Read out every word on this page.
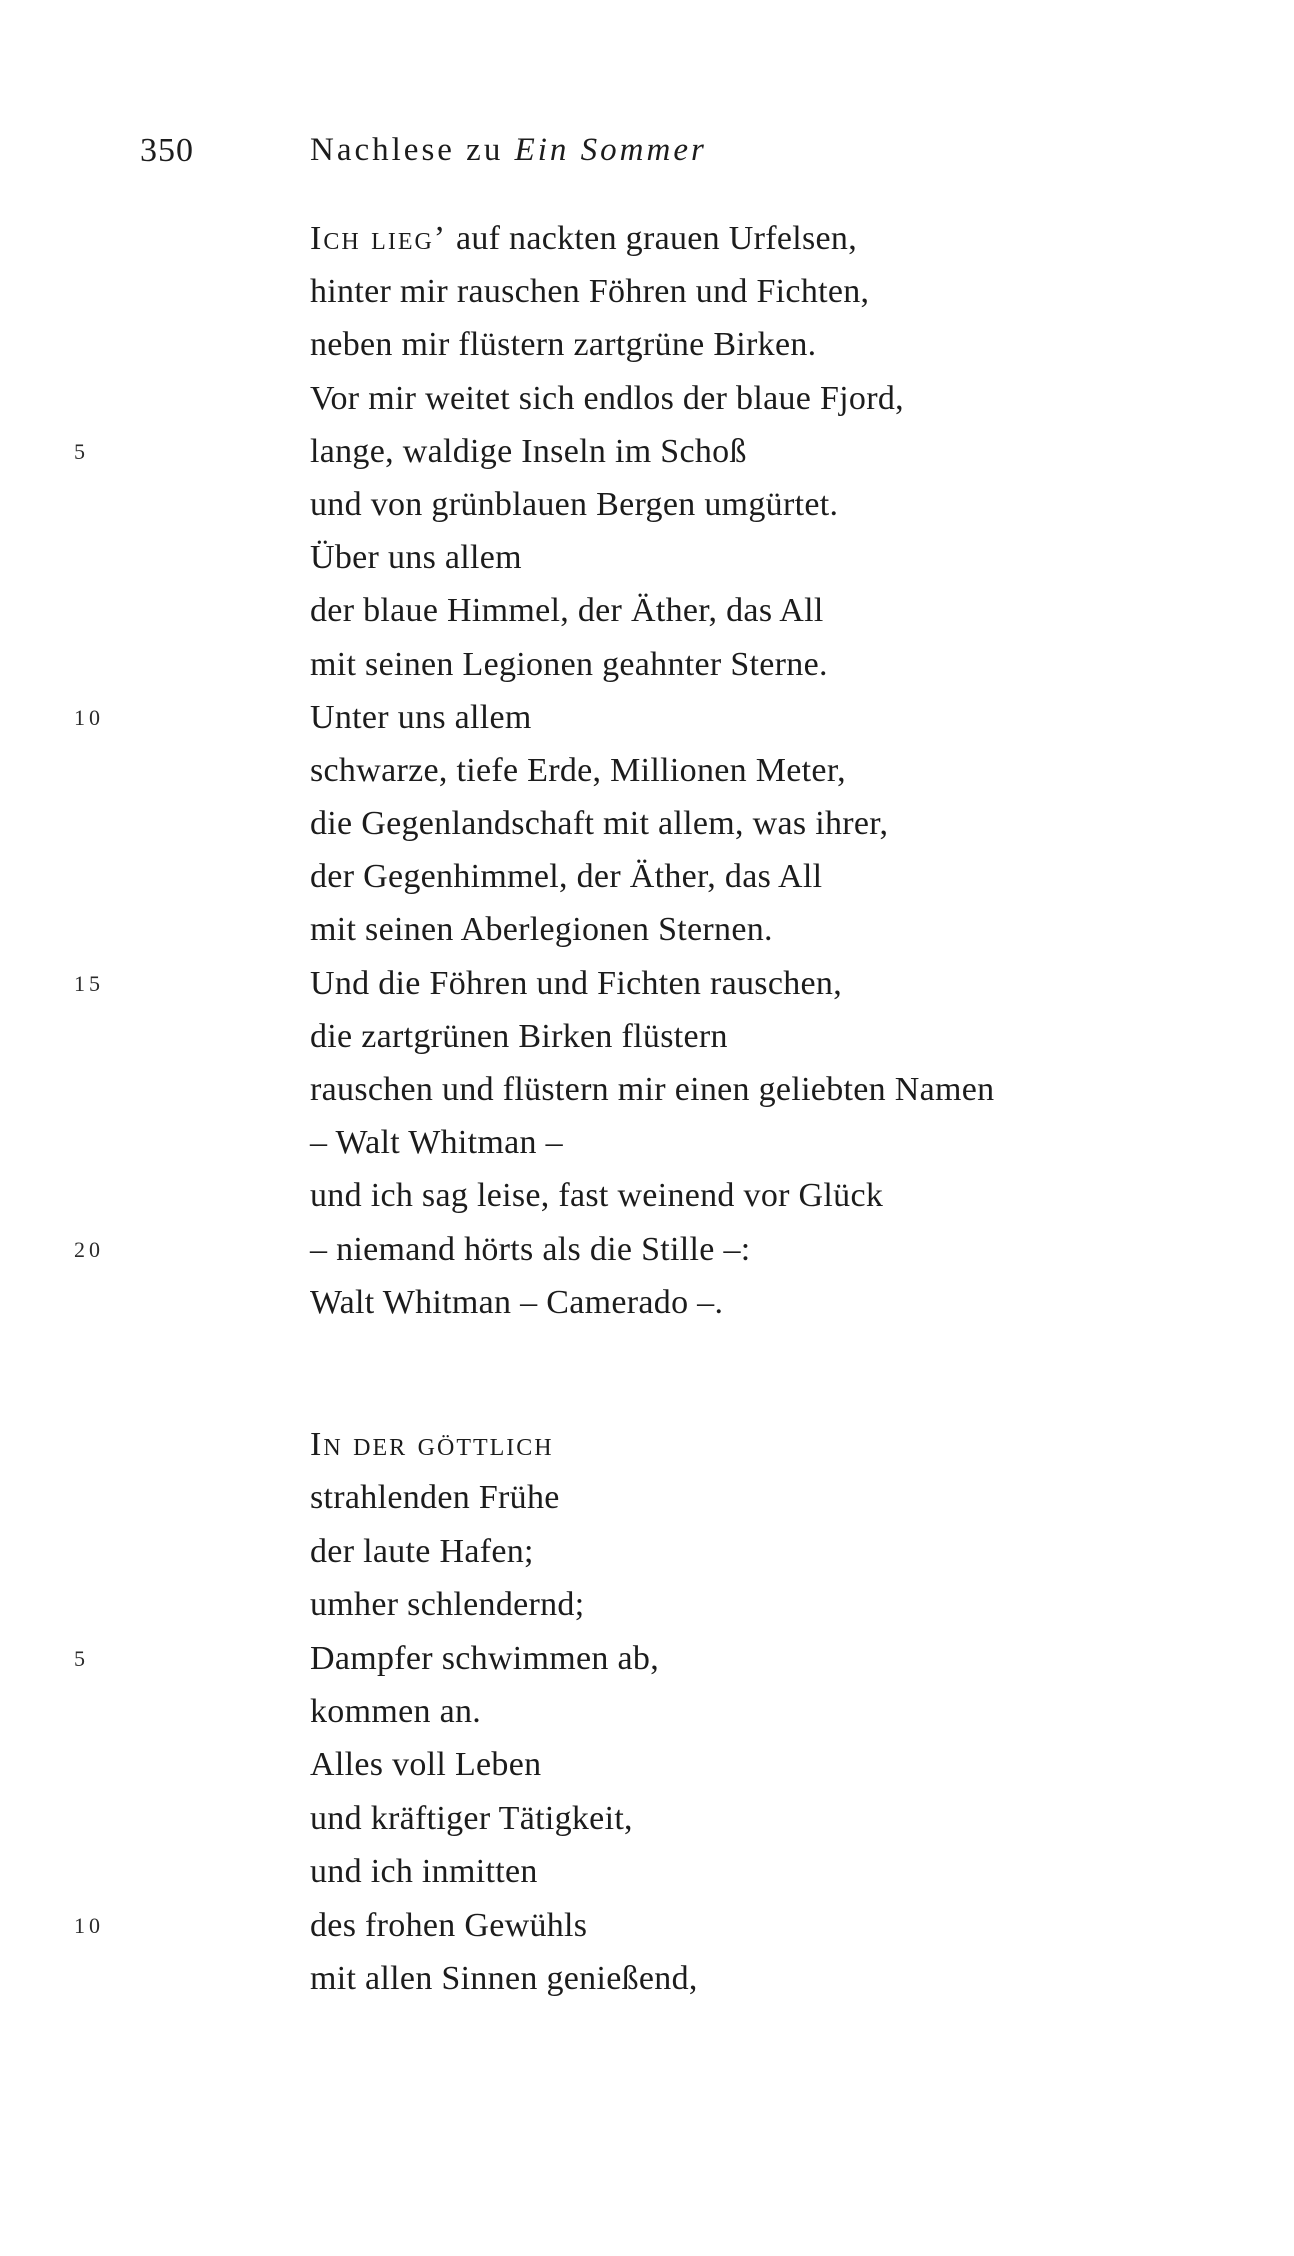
350	Nachlese zu Ein Sommer
Ich lieg’ auf nackten grauen Urfelsen,
hinter mir rauschen Föhren und Fichten,
neben mir flüstern zartgrüne Birken.
Vor mir weitet sich endlos der blaue Fjord,
5	lange, waldige Inseln im Schoß
und von grünblauen Bergen umgürtet.
Über uns allem
der blaue Himmel, der Äther, das All
mit seinen Legionen geahnter Sterne.
10	Unter uns allem
schwarze, tiefe Erde, Millionen Meter,
die Gegenlandschaft mit allem, was ihrer,
der Gegenhimmel, der Äther, das All
mit seinen Aberlegionen Sternen.
15	Und die Föhren und Fichten rauschen,
die zartgrünen Birken flüstern
rauschen und flüstern mir einen geliebten Namen
– Walt Whitman –
und ich sag leise, fast weinend vor Glück
20	– niemand hörts als die Stille –:
Walt Whitman – Camerado –.
In der göttlich
strahlenden Frühe
der laute Hafen;
umher schlendernd;
5	Dampfer schwimmen ab,
kommen an.
Alles voll Leben
und kräftiger Tätigkeit,
und ich inmitten
10	des frohen Gewühls
mit allen Sinnen genießend,
